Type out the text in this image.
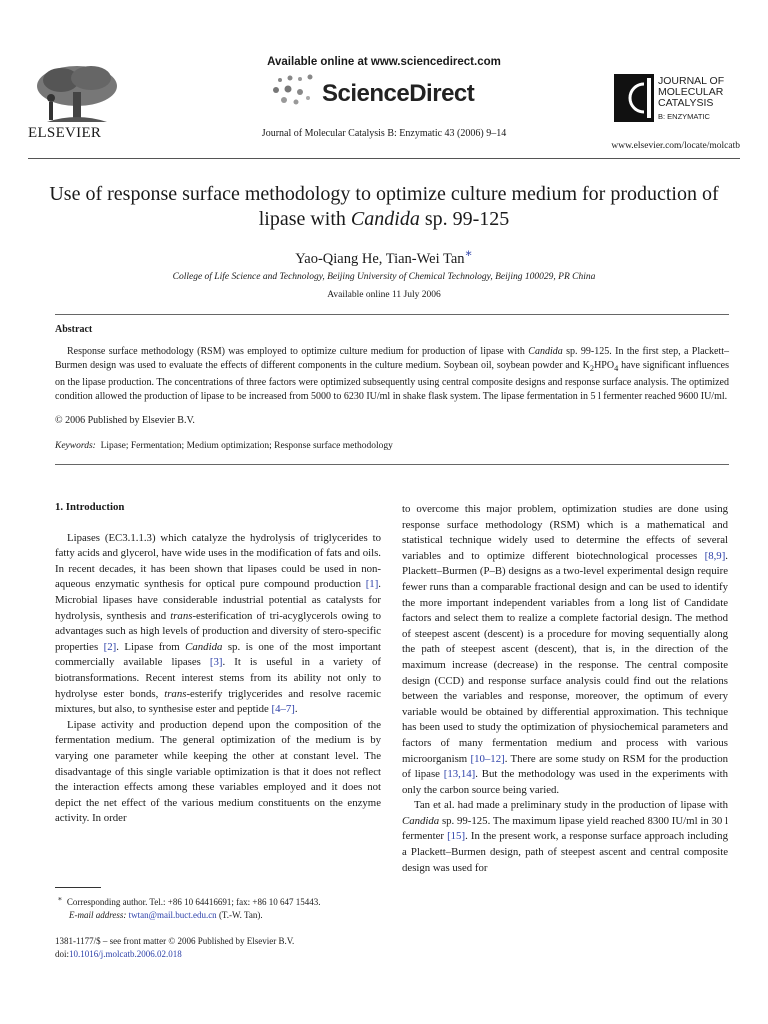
ELSEVIER
Available online at www.sciencedirect.com
ScienceDirect
Journal of Molecular Catalysis B: Enzymatic 43 (2006) 9–14
JOURNAL OF
MOLECULAR
CATALYSIS
B: ENZYMATIC
www.elsevier.com/locate/molcatb
Use of response surface methodology to optimize culture medium for production of lipase with Candida sp. 99-125
Yao-Qiang He, Tian-Wei Tan∗
College of Life Science and Technology, Beijing University of Chemical Technology, Beijing 100029, PR China
Available online 11 July 2006
Abstract

Response surface methodology (RSM) was employed to optimize culture medium for production of lipase with Candida sp. 99-125. In the first step, a Plackett–Burmen design was used to evaluate the effects of different components in the culture medium. Soybean oil, soybean powder and $K_2HPO_4$ have significant influences on the lipase production. The concentrations of three factors were optimized subsequently using central composite designs and response surface analysis. The optimized condition allowed the production of lipase to be increased from 5000 to 6230 IU/ml in shake flask system. The lipase fermentation in 5 l fermenter reached 9600 IU/ml.

© 2006 Published by Elsevier B.V.
Keywords: Lipase; Fermentation; Medium optimization; Response surface methodology

1. Introduction

Lipases (EC3.1.1.3) which catalyze the hydrolysis of triglycerides to fatty acids and glycerol, have wide uses in the modification of fats and oils. In recent decades, it has been shown that lipases could be used in non-aqueous enzymatic synthesis for optical pure compound production [1]. Microbial lipases have considerable industrial potential as catalysts for hydrolysis, synthesis and trans-esterification of tri-acyglycerols owing to advantages such as high levels of production and diversity of stero-specific properties [2]. Lipase from Candida sp. is one of the most important commercially available lipases [3]. It is useful in a variety of biotransformations. Recent interest stems from its ability not only to hydrolyse ester bonds, trans-esterify triglycerides and resolve racemic mixtures, but also, to synthesise ester and peptide [4–7].

Lipase activity and production depend upon the composition of the fermentation medium. The general optimization of the medium is by varying one parameter while keeping the other at constant level. The disadvantage of this single variable optimization is that it does not reflect the interaction effects among these variables employed and it does not depict the net effect of the various medium constituents on the enzyme activity. In order

to overcome this major problem, optimization studies are done using response surface methodology (RSM) which is a mathematical and statistical technique widely used to determine the effects of several variables and to optimize different biotechnological processes [8,9]. Plackett–Burmen (P–B) designs as a two-level experimental design require fewer runs than a comparable fractional design and can be used to identify the more important independent variables from a long list of Candidate factors and select them to realize a complete factorial design. The method of steepest ascent (descent) is a procedure for moving sequentially along the path of steepest ascent (descent), that is, in the direction of the maximum increase (decrease) in the response. The central composite design (CCD) and response surface analysis could find out the relations between the variables and response, moreover, the optimum of every variable would be obtained by differential approximation. This technique has been used to study the optimization of physiochemical parameters and factors of many fermentation medium and process with various microorganism [10–12]. There are some study on RSM for the production of lipase [13,14]. But the methodology was used in the experiments with only the carbon source being varied.

Tan et al. had made a preliminary study in the production of lipase with Candida sp. 99-125. The maximum lipase yield reached 8300 IU/ml in 30 l fermenter [15]. In the present work, a response surface approach including a Plackett–Burmen design, path of steepest ascent and central composite design was used for

∗ Corresponding author. Tel.: +86 10 64416691; fax: +86 10 647 15443.
E-mail address: twtan@mail.buct.edu.cn (T.-W. Tan).
1381-1177/$ – see front matter © 2006 Published by Elsevier B.V.
doi:10.1016/j.molcatb.2006.02.018
